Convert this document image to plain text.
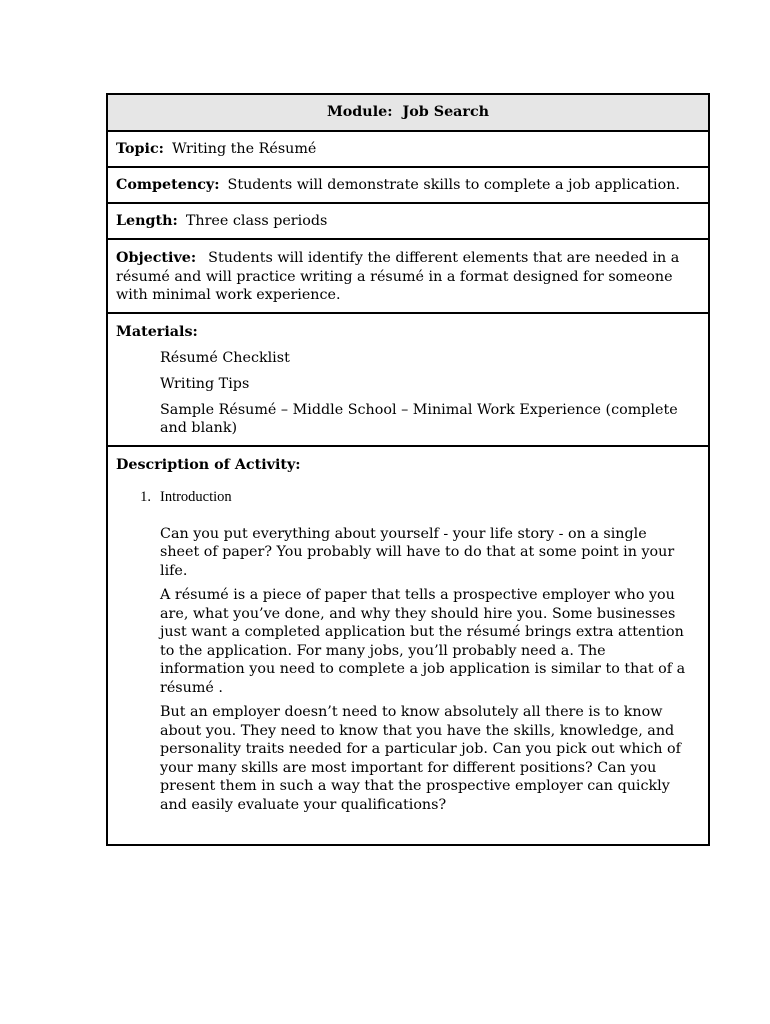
Module:
Job Search
Topic: Writing the Résumé
Competency: Students will demonstrate skills to complete a job application.
Length: Three class periods
Objective: Students will identify the different elements that are needed in a résumé and will practice writing a résumé in a format designed for someone with minimal work experience.
Materials:
Résumé Checklist
Writing Tips
Sample Résumé – Middle School – Minimal Work Experience (complete and blank)
Description of Activity:
1. Introduction

Can you put everything about yourself - your life story - on a single sheet of paper? You probably will have to do that at some point in your life.

A résumé is a piece of paper that tells a prospective employer who you are, what you’ve done, and why they should hire you. Some businesses just want a completed application but the résumé brings extra attention to the application. For many jobs, you’ll probably need a. The information you need to complete a job application is similar to that of a résumé .

But an employer doesn’t need to know absolutely all there is to know about you. They need to know that you have the skills, knowledge, and personality traits needed for a particular job. Can you pick out which of your many skills are most important for different positions? Can you present them in such a way that the prospective employer can quickly and easily evaluate your qualifications?
